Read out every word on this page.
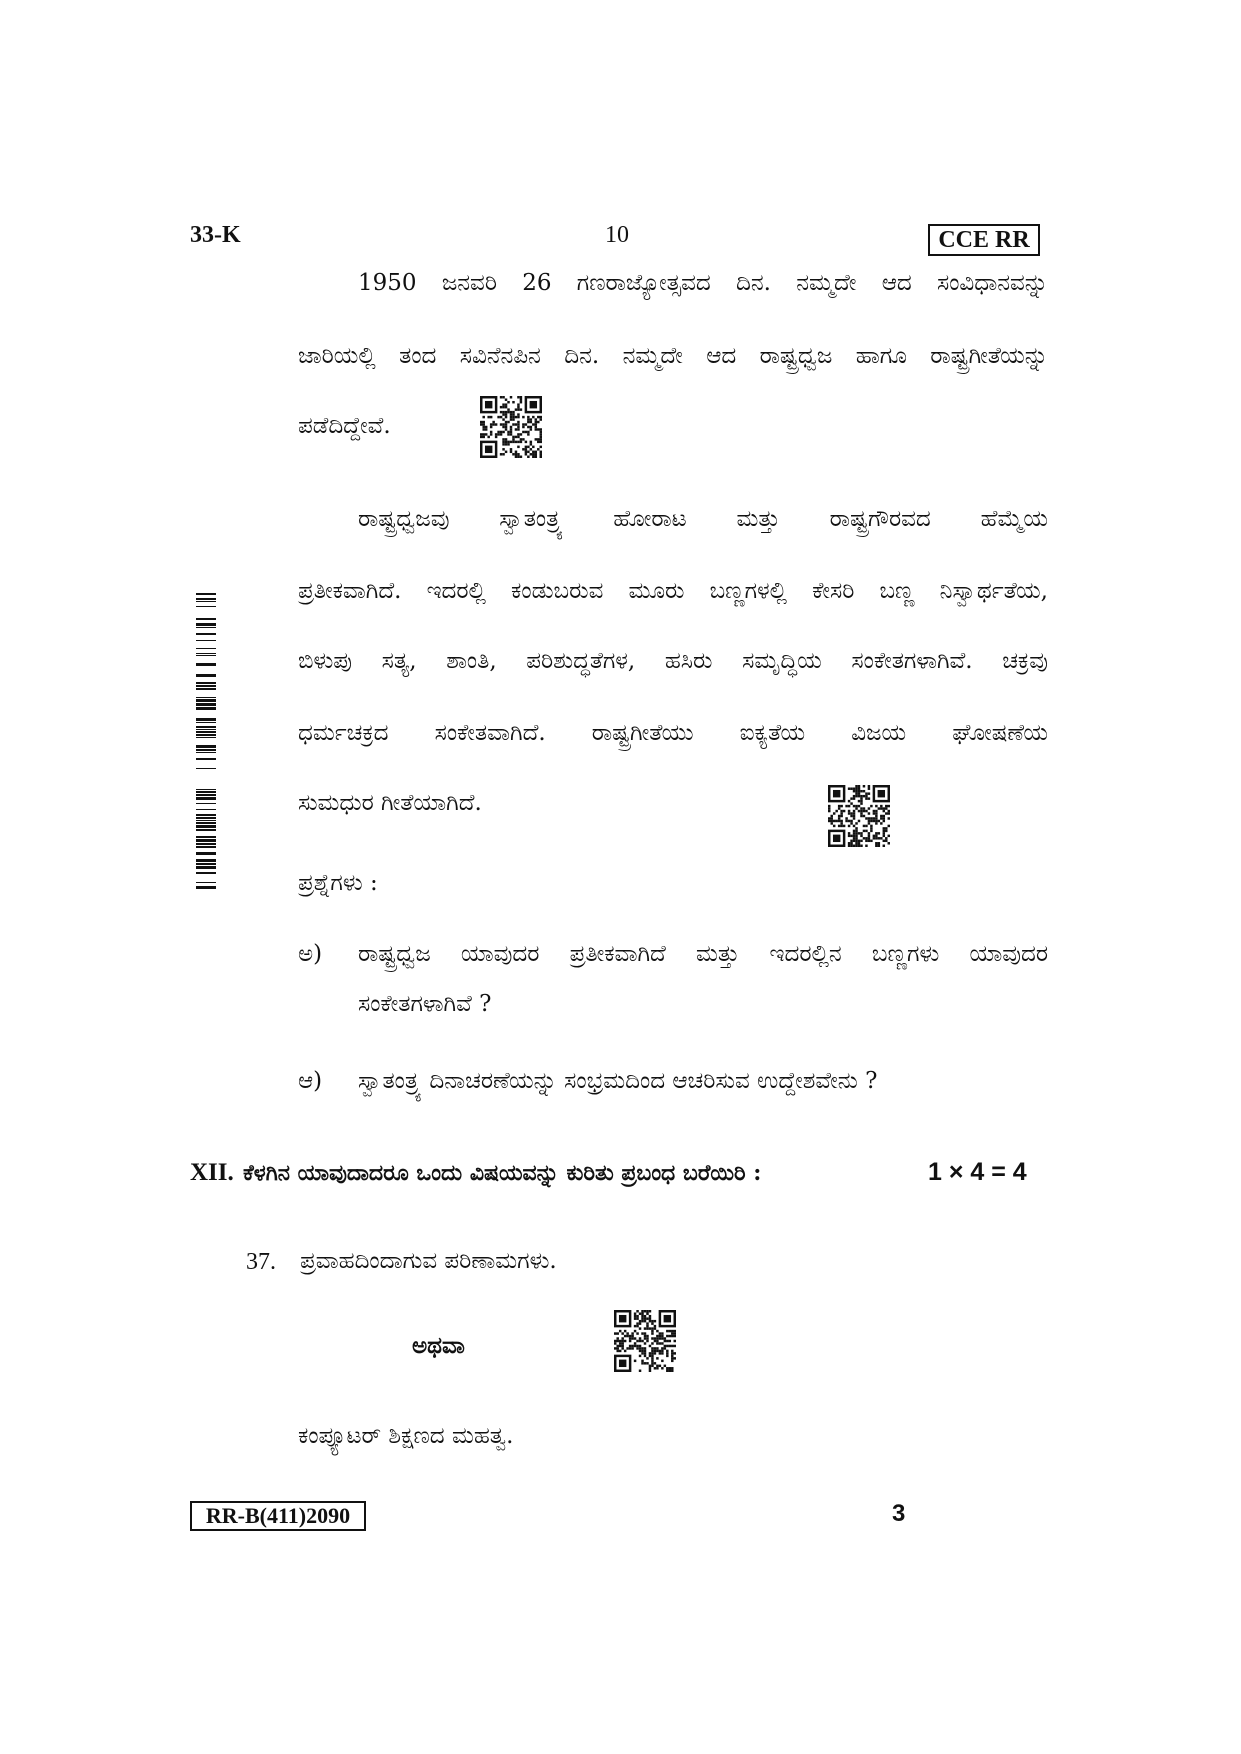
33-K	10	CCE RR
1950 ಜನವರಿ 26 ಗಣರಾಜ್ಯೋತ್ಸವದ ದಿನ. ನಮ್ಮದೇ ಆದ ಸಂವಿಧಾನವನ್ನು
ಜಾರಿಯಲ್ಲಿ ತಂದ ಸವಿನೆನಪಿನ ದಿನ. ನಮ್ಮದೇ ಆದ ರಾಷ್ಟ್ರಧ್ವಜ ಹಾಗೂ ರಾಷ್ಟ್ರಗೀತೆಯನ್ನು
ಪಡೆದಿದ್ದೇವೆ.
ರಾಷ್ಟ್ರಧ್ವಜವು ಸ್ವಾತಂತ್ರ್ಯ ಹೋರಾಟ ಮತ್ತು ರಾಷ್ಟ್ರಗೌರವದ ಹೆಮ್ಮೆಯ
ಪ್ರತೀಕವಾಗಿದೆ. ಇದರಲ್ಲಿ ಕಂಡುಬರುವ ಮೂರು ಬಣ್ಣಗಳಲ್ಲಿ ಕೇಸರಿ ಬಣ್ಣ ನಿಸ್ವಾರ್ಥತೆಯ,
ಬಿಳುಪು ಸತ್ಯ, ಶಾಂತಿ, ಪರಿಶುದ್ಧತೆಗಳ, ಹಸಿರು ಸಮೃದ್ಧಿಯ ಸಂಕೇತಗಳಾಗಿವೆ. ಚಕ್ರವು
ಧರ್ಮಚಕ್ರದ ಸಂಕೇತವಾಗಿದೆ. ರಾಷ್ಟ್ರಗೀತೆಯು ಐಕ್ಯತೆಯ ವಿಜಯ ಘೋಷಣೆಯ
ಸುಮಧುರ ಗೀತೆಯಾಗಿದೆ.
ಪ್ರಶ್ನೆಗಳು :
ಅ) ರಾಷ್ಟ್ರಧ್ವಜ ಯಾವುದರ ಪ್ರತೀಕವಾಗಿದೆ ಮತ್ತು ಇದರಲ್ಲಿನ ಬಣ್ಣಗಳು ಯಾವುದರ
ಸಂಕೇತಗಳಾಗಿವೆ ?
ಆ) ಸ್ವಾತಂತ್ರ್ಯ ದಿನಾಚರಣೆಯನ್ನು ಸಂಭ್ರಮದಿಂದ ಆಚರಿಸುವ ಉದ್ದೇಶವೇನು ?
XII. ಕೆಳಗಿನ ಯಾವುದಾದರೂ ಒಂದು ವಿಷಯವನ್ನು ಕುರಿತು ಪ್ರಬಂಧ ಬರೆಯಿರಿ :	1 × 4 = 4
37. ಪ್ರವಾಹದಿಂದಾಗುವ ಪರಿಣಾಮಗಳು.
ಅಥವಾ
ಕಂಪ್ಯೂಟರ್ ಶಿಕ್ಷಣದ ಮಹತ್ವ.
RR-B(411)2090	3
